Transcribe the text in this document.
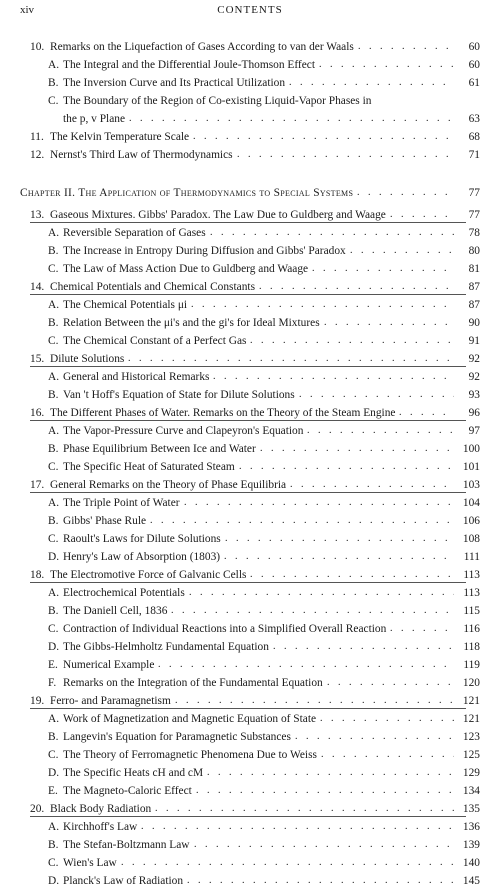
xiv	CONTENTS
10. Remarks on the Liquefaction of Gases According to van der Waals	60
. . .
A. The Integral and the Differential Joule-Thomson Effect	60
. . .
B. The Inversion Curve and Its Practical Utilization	61
. . .
C. The Boundary of the Region of Co-existing Liquid-Vapor Phases in
the p, v Plane	63
. . .
11. The Kelvin Temperature Scale	68
. . .
12. Nernst's Third Law of Thermodynamics	71
. . .
Chapter II. The Application of Thermodynamics to Special Systems	77
. . .
13. Gaseous Mixtures. Gibbs' Paradox. The Law Due to Guldberg and Waage	77
. . .
A. Reversible Separation of Gases	78
. . .
B. The Increase in Entropy During Diffusion and Gibbs' Paradox	80
. . .
C. The Law of Mass Action Due to Guldberg and Waage	81
. . .
14. Chemical Potentials and Chemical Constants	87
. . .
A. The Chemical Potentials μi	87
. . .
B. Relation Between the μi's and the gi's for Ideal Mixtures	90
. . .
C. The Chemical Constant of a Perfect Gas	91
. . .
15. Dilute Solutions	92
. . .
A. General and Historical Remarks	92
. . .
B. Van 't Hoff's Equation of State for Dilute Solutions	93
. . .
16. The Different Phases of Water. Remarks on the Theory of the Steam Engine	96
. . .
A. The Vapor-Pressure Curve and Clapeyron's Equation	97
. . .
B. Phase Equilibrium Between Ice and Water	100
. . .
C. The Specific Heat of Saturated Steam	101
. . .
17. General Remarks on the Theory of Phase Equilibria	103
. . .
A. The Triple Point of Water	104
. . .
B. Gibbs' Phase Rule	106
. . .
C. Raoult's Laws for Dilute Solutions	108
. . .
D. Henry's Law of Absorption (1803)	111
. . .
18. The Electromotive Force of Galvanic Cells	113
. . .
A. Electrochemical Potentials	113
. . .
B. The Daniell Cell, 1836	115
. . .
C. Contraction of Individual Reactions into a Simplified Overall Reaction	116
. . .
D. The Gibbs-Helmholtz Fundamental Equation	118
. . .
E. Numerical Example	119
. . .
F. Remarks on the Integration of the Fundamental Equation	120
. . .
19. Ferro- and Paramagnetism	121
. . .
A. Work of Magnetization and Magnetic Equation of State	121
. . .
B. Langevin's Equation for Paramagnetic Substances	123
. . .
C. The Theory of Ferromagnetic Phenomena Due to Weiss	125
. . .
D. The Specific Heats cH and cM	129
. . .
E. The Magneto-Caloric Effect	134
. . .
20. Black Body Radiation	135
. . .
A. Kirchhoff's Law	136
. . .
B. The Stefan-Boltzmann Law	139
. . .
C. Wien's Law	140
. . .
D. Planck's Law of Radiation	145
. . .
